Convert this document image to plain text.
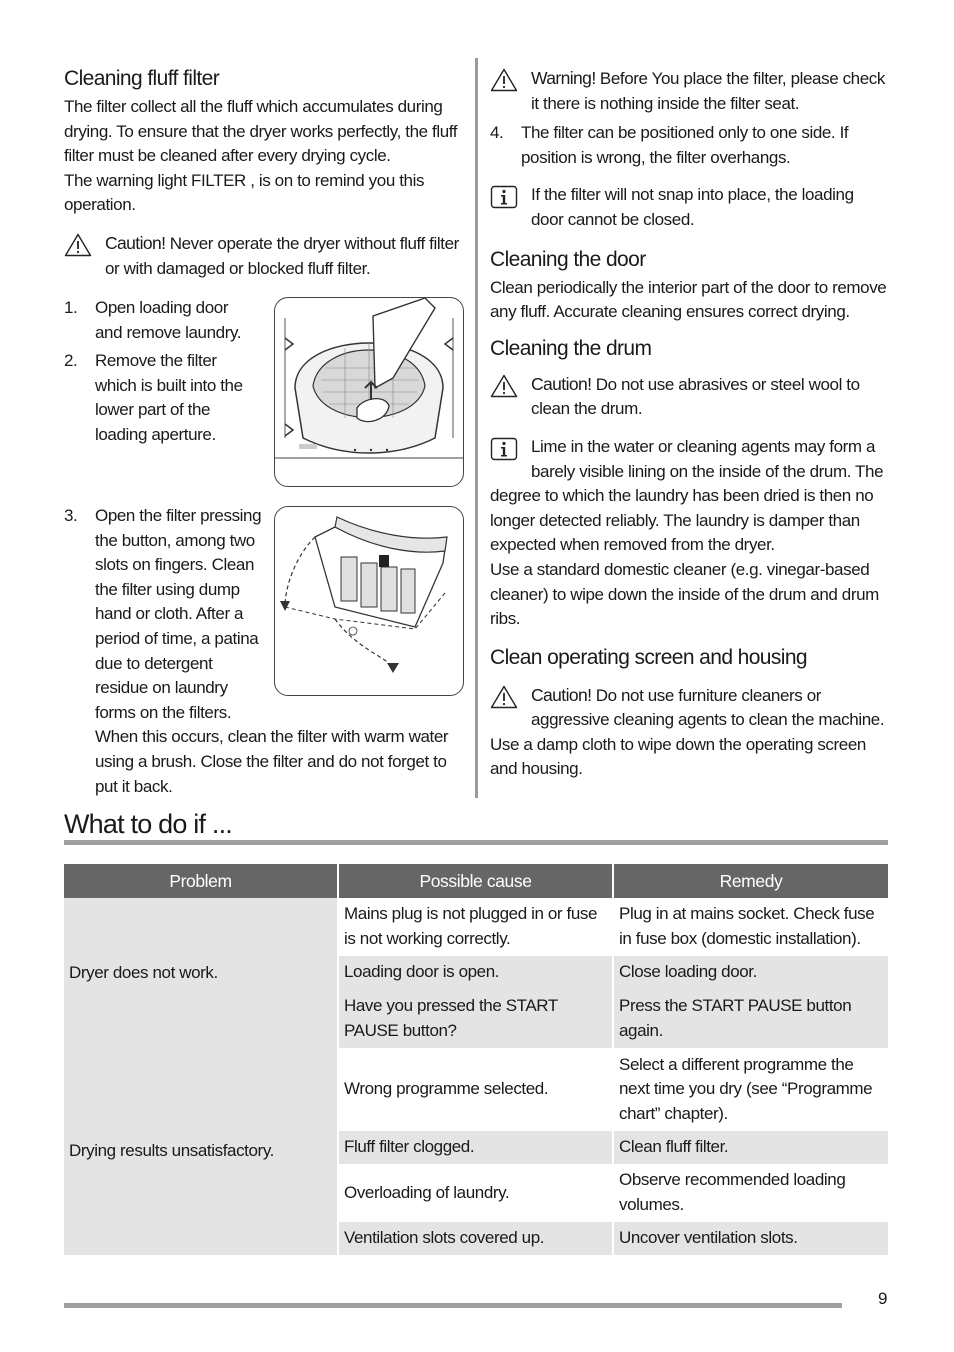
Cleaning fluff filter

The filter collect all the fluff which accumulates during drying. To ensure that the dryer works perfectly, the fluff filter must be cleaned after every drying cycle.

The warning light FILTER , is on to remind you this operation.

Caution! Never operate the dryer without fluff filter or with damaged or blocked fluff filter.
1. Open loading door and remove laundry.
2. Remove the filter which is built into the lower part of the loading aperture.
3. Open the filter pressing the button, among two slots on fingers. Clean the filter using dump hand or cloth. After a period of time, a patina due to detergent residue on laundry forms on the filters. When this occurs, clean the filter with warm water using a brush. Close the filter and do not forget to put it back.
Warning! Before You place the filter, please check it there is nothing inside the filter seat.
4. The filter can be positioned only to one side. If position is wrong, the filter overhangs.
If the filter will not snap into place, the loading door cannot be closed.
Cleaning the door

Clean periodically the interior part of the door to remove any fluff. Accurate cleaning ensures correct drying.

Cleaning the drum
Caution! Do not use abrasives or steel wool to clean the drum.
Lime in the water or cleaning agents may form a barely visible lining on the inside of the drum. The degree to which the laundry has been dried is then no longer detected reliably. The laundry is damper than expected when removed from the dryer.

Use a standard domestic cleaner (e.g. vinegar-based cleaner) to wipe down the inside of the drum and drum ribs.

Clean operating screen and housing
Caution! Do not use furniture cleaners or aggressive cleaning agents to clean the machine.

Use a damp cloth to wipe down the operating screen and housing.

What to do if ...
Problem	Possible cause	Remedy
Dryer does not work.	Mains plug is not plugged in or fuse is not working correctly.	Plug in at mains socket. Check fuse in fuse box (domestic installation).
	Loading door is open.	Close loading door.
	Have you pressed the START PAUSE button?	Press the START PAUSE button again.
Drying results unsatisfactory.	Wrong programme selected.	Select a different programme the next time you dry (see “Programme chart” chapter).
	Fluff filter clogged.	Clean fluff filter.
	Overloading of laundry.	Observe recommended loading volumes.
	Ventilation slots covered up.	Uncover ventilation slots.
9
